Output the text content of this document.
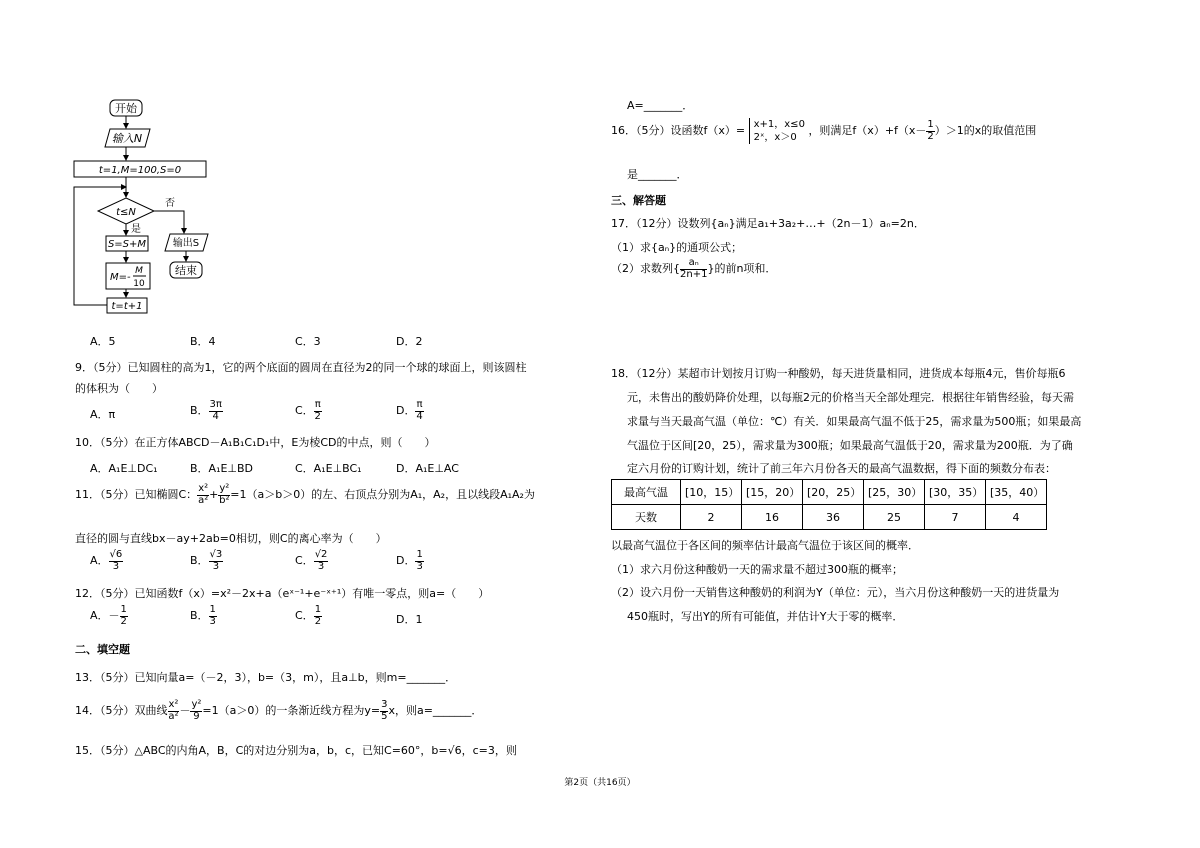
开始
输入N
t=1,M=100,S=0
t≤N
否
是
S=S+M
M=-
M
10
t=t+1
输出S
结束
A．5	B．4	C．3	D．2
9．（5分）已知圆柱的高为1，它的两个底面的圆周在直径为2的同一个球的球面上，则该圆柱
的体积为（　　）
A．π	B． $\frac{3\pi}{4}$	C． $\frac{\pi}{2}$	D． $\frac{\pi}{4}$
10．（5分）在正方体ABCD－A₁B₁C₁D₁中，E为棱CD的中点，则（　　）
A．A₁E⊥DC₁	B．A₁E⊥BD	C．A₁E⊥BC₁	D．A₁E⊥AC
11．（5分）已知椭圆C： $\frac{\text{x²}}{\text{a²}} + \frac{\text{y²}}{\text{b²}} =1(a>b>0)$的左、右顶点分别为A₁，A₂，且以线段A₁A₂为
直径的圆与直线bx－ay+2ab=0相切，则C的离心率为（　　）
A． $\frac{√6}{3}$	B． $\frac{√3}{3}$	C． $\frac{√2}{3}$	D． $\frac{1}{3}$
12．（5分）已知函数f（x）=x²－2x+a（eˣ⁻¹+e⁻ˣ⁺¹）有唯一零点，则a=（　　）
A．－ $\frac{1}{2}$	B． $\frac{1}{3}$	C． $\frac{1}{2}$	D．1
二、填空题
13．（5分）已知向量a=（－2，3），b=（3，m），且a⊥b，则m=_______．
14．（5分）双曲线 $\frac{\text{x²}}{\text{a²}} - \frac{\text{y²}}{9} =1(a>0)$的一条渐近线方程为$y= \frac{3}{5}$ x，则a=_______．
15．（5分）△ABC的内角A，B，C的对边分别为a，b，c，已知C=60°，b=√6，c=3，则
A=_______．
16．（5分）设函数f（x）= x+1，x≤0
2ˣ，x＞0
，则满足$f(x)+f(x- \frac{1}{2} )>1$的x的取值范围
是_______．
三、解答题
17．（12分）设数列{aₙ}满足a₁+3a₂+…+（2n－1）aₙ=2n．
（1）求{aₙ}的通项公式；
（2）求数列{ $\frac{\text{aₙ}}{2n+1}$ }的前n项和．
18．（12分）某超市计划按月订购一种酸奶，每天进货量相同，进货成本每瓶4元，售价每瓶6
元，未售出的酸奶降价处理，以每瓶2元的价格当天全部处理完．根据往年销售经验，每天需
求量与当天最高气温（单位：℃）有关．如果最高气温不低于25，需求量为500瓶；如果最高
气温位于区间[20，25），需求量为300瓶；如果最高气温低于20，需求量为200瓶．为了确
定六月份的订购计划，统计了前三年六月份各天的最高气温数据，得下面的频数分布表：
最高气温	[10，15）	[15，20）	[20，25）	[25，30）	[30，35）	[35，40）
天数	2	16	36	25	7	4
以最高气温位于各区间的频率估计最高气温位于该区间的概率．
（1）求六月份这种酸奶一天的需求量不超过300瓶的概率；
（2）设六月份一天销售这种酸奶的利润为Y（单位：元），当六月份这种酸奶一天的进货量为
450瓶时，写出Y的所有可能值，并估计Y大于零的概率．
第2页（共16页）
